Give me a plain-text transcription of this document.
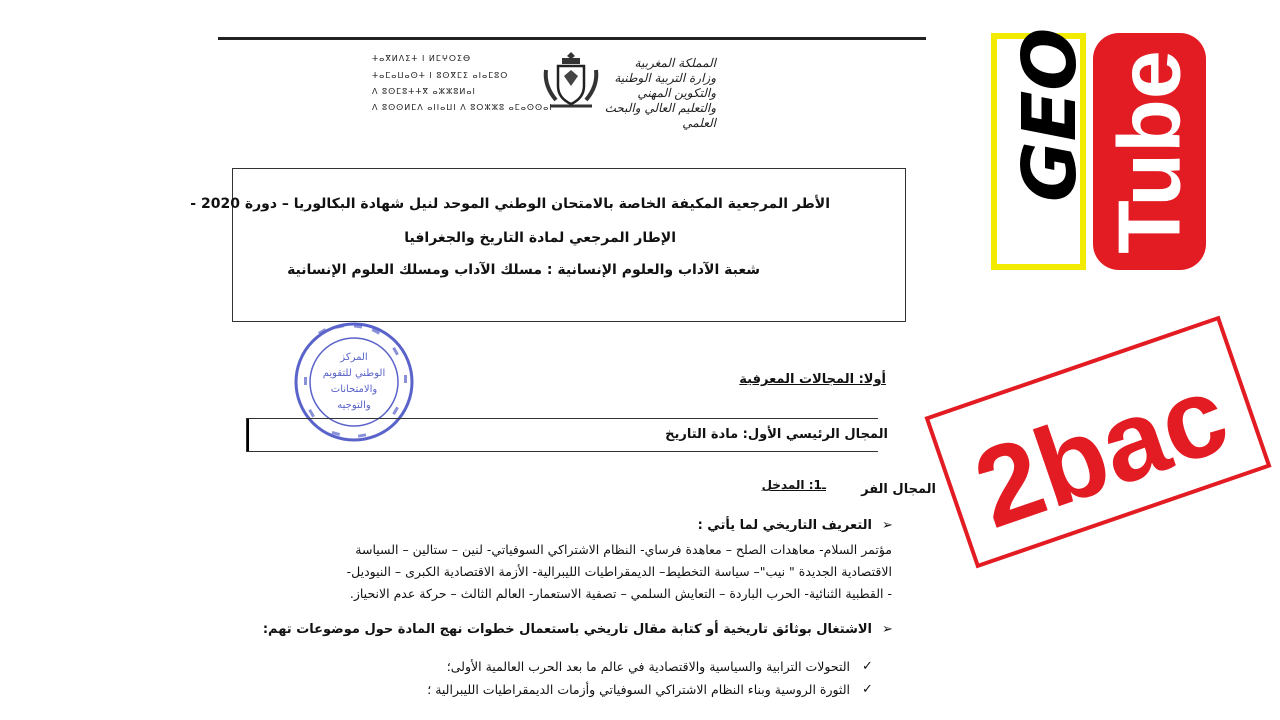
ⵜⴰⴳⵍⴷⵉⵜ ⵏ ⵍⵎⵖⵔⵉⴱ
ⵜⴰⵎⴰⵡⴰⵙⵜ ⵏ ⵓⵙⴳⵎⵉ ⴰⵏⴰⵎⵓⵔ
ⴷ ⵓⵙⵎⵓⵜⵜⴳ ⴰⵣⵣⵓⵍⴰⵏ
ⴷ ⵓⵙⵙⵍⵎⴷ ⴰⵏⵏⴰⵡⵏ ⴷ ⵓⵔⵣⵣⵓ ⴰⵎⴰⵙⵙⴰⵏ
المملكة المغربية
وزارة التربية الوطنية
والتكوين المهني
والتعليم العالي والبحث العلمي
الأطر المرجعية المكيفة الخاصة بالامتحان الوطني الموحد لنيل شهادة البكالوريا – دورة 2020 -
الإطار المرجعي لمادة التاريخ والجغرافيا
شعبة الآداب والعلوم الإنسانية : مسلك الآداب ومسلك العلوم الإنسانية
المركز
الوطني للتقويم
والامتحانات
والتوجيه
أولا: المجالات المعرفية
المجال الرئيسي الأول: مادة التاريخ
المجال الفر
ـ1: المدخل
➢
التعريف التاريخي لما يأتي :
مؤتمر السلام- معاهدات الصلح – معاهدة فرساي- النظام الاشتراكي السوفياتي- لنين – ستالين – السياسة
الاقتصادية الجديدة " نيب"– سياسة التخطيط– الديمقراطيات الليبرالية- الأزمة الاقتصادية الكبرى – النيوديل-
- القطبية الثنائية- الحرب الباردة – التعايش السلمي – تصفية الاستعمار- العالم الثالث – حركة عدم الانحياز.
➢
الاشتغال بوثائق تاريخية أو كتابة مقال تاريخي باستعمال خطوات نهج المادة حول موضوعات تهم:
✓
التحولات الترابية والسياسية والاقتصادية في عالم ما بعد الحرب العالمية الأولى؛
✓
الثورة الروسية وبناء النظام الاشتراكي السوفياتي وأزمات الديمقراطيات الليبرالية ؛
GEO Tube
2bac
